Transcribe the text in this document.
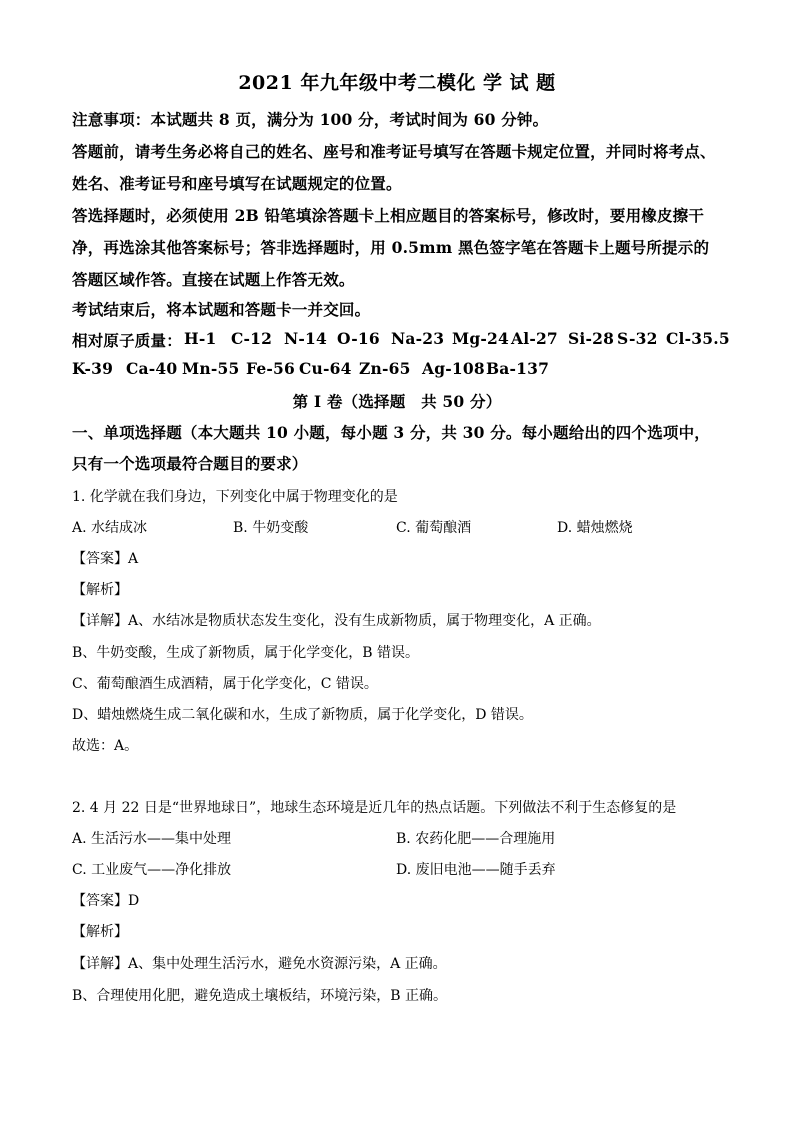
2021 年九年级中考二模化 学 试 题
注意事项：本试题共 8 页，满分为 100 分，考试时间为 60 分钟。
答题前，请考生务必将自己的姓名、座号和准考证号填写在答题卡规定位置，并同时将考点、
姓名、准考证号和座号填写在试题规定的位置。
答选择题时，必须使用 2B 铅笔填涂答题卡上相应题目的答案标号，修改时，要用橡皮擦干
净，再选涂其他答案标号；答非选择题时，用 0.5mm 黑色签字笔在答题卡上题号所提示的
答题区域作答。直接在试题上作答无效。
考试结束后，将本试题和答题卡一并交回。
相对原子质量： H-1 C-12 N-14 O-16 Na-23 Mg-24 Al-27 Si-28 S-32 Cl-35.5
K-39 Ca-40 Mn-55 Fe-56 Cu-64 Zn-65 Ag-108 Ba-137
第 I 卷（选择题　共 50 分）
一、单项选择题（本大题共 10 小题，每小题 3 分，共 30 分。每小题给出的四个选项中，
只有一个选项最符合题目的要求）
1. 化学就在我们身边，下列变化中属于物理变化的是
A. 水结成冰	B. 牛奶变酸	C. 葡萄酿酒	D. 蜡烛燃烧
【答案】A
【解析】
【详解】A、水结冰是物质状态发生变化，没有生成新物质，属于物理变化，A 正确。
B、牛奶变酸，生成了新物质，属于化学变化，B 错误。
C、葡萄酿酒生成酒精，属于化学变化，C 错误。
D、蜡烛燃烧生成二氧化碳和水，生成了新物质，属于化学变化，D 错误。
故选：A。
2. 4 月 22 日是“世界地球日”，地球生态环境是近几年的热点话题。下列做法不利于生态修复的是
A. 生活污水——集中处理	B. 农药化肥——合理施用
C. 工业废气——净化排放	D. 废旧电池——随手丢弃
【答案】D
【解析】
【详解】A、集中处理生活污水，避免水资源污染，A 正确。
B、合理使用化肥，避免造成土壤板结，环境污染，B 正确。
